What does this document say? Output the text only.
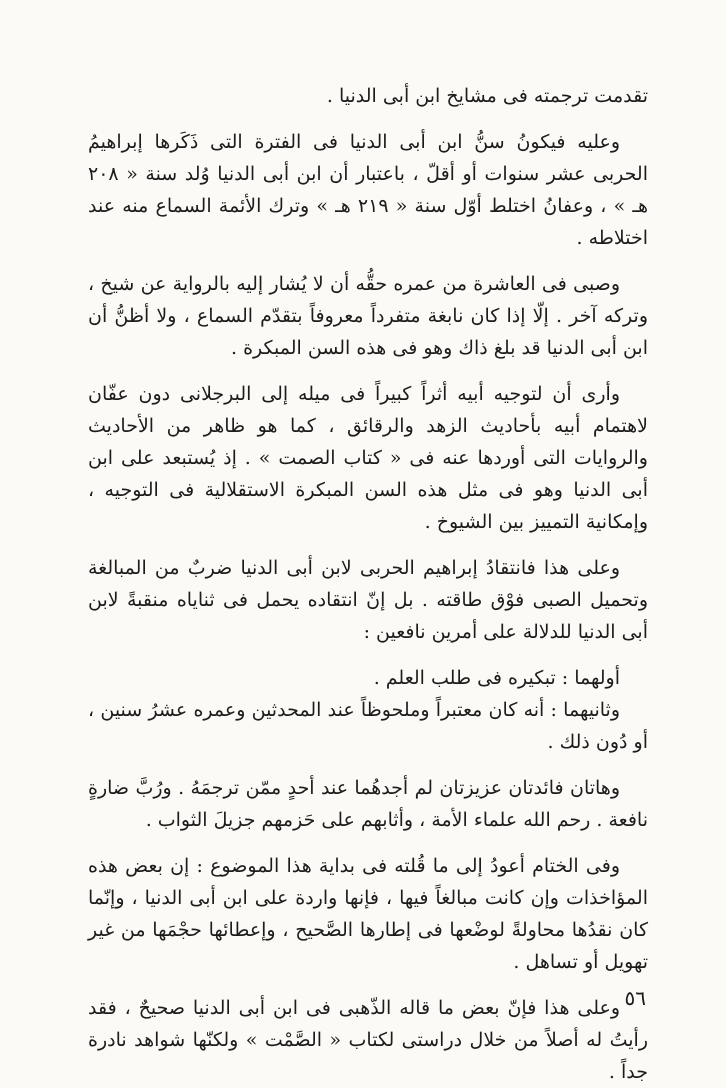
تقدمت ترجمته فى مشايخ ابن أبى الدنيا .

وعليه فيكونُ سنُّ ابن أبى الدنيا فى الفترة التى ذَكَرها إبراهيمُ الحربى عشر سنوات أو أقلّ ، باعتبار أن ابن أبى الدنيا وُلد سنة « ٢٠٨ هـ » ، وعفانُ اختلط أوّل سنة « ٢١٩ هـ » وترك الأئمة السماع منه عند اختلاطه .

وصبى فى العاشرة من عمره حقُّه أن لا يُشار إليه بالرواية عن شيخ ، وتركه آخر . إلّا إذا كان نابغة متفرداً معروفاً بتقدّم السماع ، ولا أظنُّ أن ابن أبى الدنيا قد بلغ ذاك وهو فى هذه السن المبكرة .

وأرى أن لتوجيه أبيه أثراً كبيراً فى ميله إلى البرجلانى دون عفّان لاهتمام أبيه بأحاديث الزهد والرقائق ، كما هو ظاهر من الأحاديث والروايات التى أوردها عنه فى « كتاب الصمت » . إذ يُستبعد على ابن أبى الدنيا وهو فى مثل هذه السن المبكرة الاستقلالية فى التوجيه ، وإمكانية التمييز بين الشيوخ .

وعلى هذا فانتقادُ إبراهيم الحربى لابن أبى الدنيا ضربٌ من المبالغة وتحميل الصبى فوْق طاقته . بل إنّ انتقاده يحمل فى ثناياه منقبةً لابن أبى الدنيا للدلالة على أمرين نافعين :

أولهما : تبكيره فى طلب العلم .

وثانيهما : أنه كان معتبراً وملحوظاً عند المحدثين وعمره عشرُ سنين ، أو دُون ذلك .

وهاتان فائدتان عزيزتان لم أجدهُما عند أحدٍ ممّن ترجمَهُ . ورُبَّ ضارةٍ نافعة . رحم الله علماء الأمة ، وأثابهم على حَزمهم جزيلَ الثواب .

وفى الختام أعودُ إلى ما قُلته فى بداية هذا الموضوع : إن بعض هذه المؤاخذات وإن كانت مبالغاً فيها ، فإنها واردة على ابن أبى الدنيا ، وإنّما كان نقدُها محاولةً لوضْعها فى إطارها الصَّحيح ، وإعطائها حجْمَها من غير تهويل أو تساهل .

وعلى هذا فإنّ بعض ما قاله الذّهبى فى ابن أبى الدنيا صحيحٌ ، فقد رأيتُ له أصلاً من خلال دراستى لكتاب « الصَّمْت » ولكنّها شواهد نادرة جداً .

٥٦
